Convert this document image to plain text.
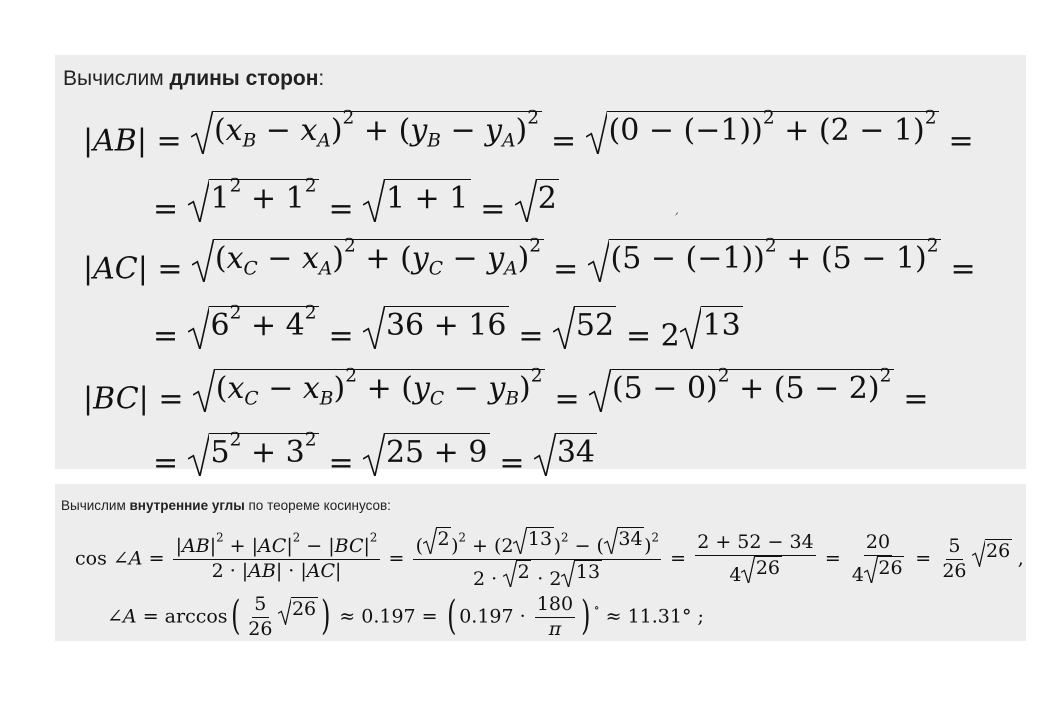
Вычислим длины сторон:
$|AB| = (x_B - x_A)^2 + (y_B - y_A)^2$
= $(0 - (-1))^2 + (2 - 1)^2$
=
= $1^2 + 1^2$
= 1 + 1 = 2
$|AC| = (x_C - x_A)^2 + (y_C - y_A)^2$
= $(5 - (-1))^2 + (5 - 1)^2$
=
= $6^2 + 4^2$
= 36 + 16 = 52 = 2 13
$|BC| = (x_C - x_B)^2 + (y_C - y_B)^2$
= $(5 - 0)^2 + (5 - 2)^2$
=
= $5^2 + 3^2$
= 25 + 9 = 34
,
Вычислим внутренние углы по теореме косинусов:
cos ∠A = $\frac{|AB|^2 + |AC|^2 - |BC|^2}{2 \cdot |AB| \cdot |AC|} = \frac{( 2 )^2 + (2 13 )^2 - ( 34 )^2}{2 \cdot 2 \cdot 2 13} = \frac{2 + 52 - 34}{4 26} = \frac{20}{4 26} = \frac{5}{26} 26$ ,
∠A = $\arccos( \frac{5}{26} 26$ ) ≈ 0.197 = ( $0.197 \cdot \frac{180}{\pi}$ ) ∘ ≈ 11.31° ;
